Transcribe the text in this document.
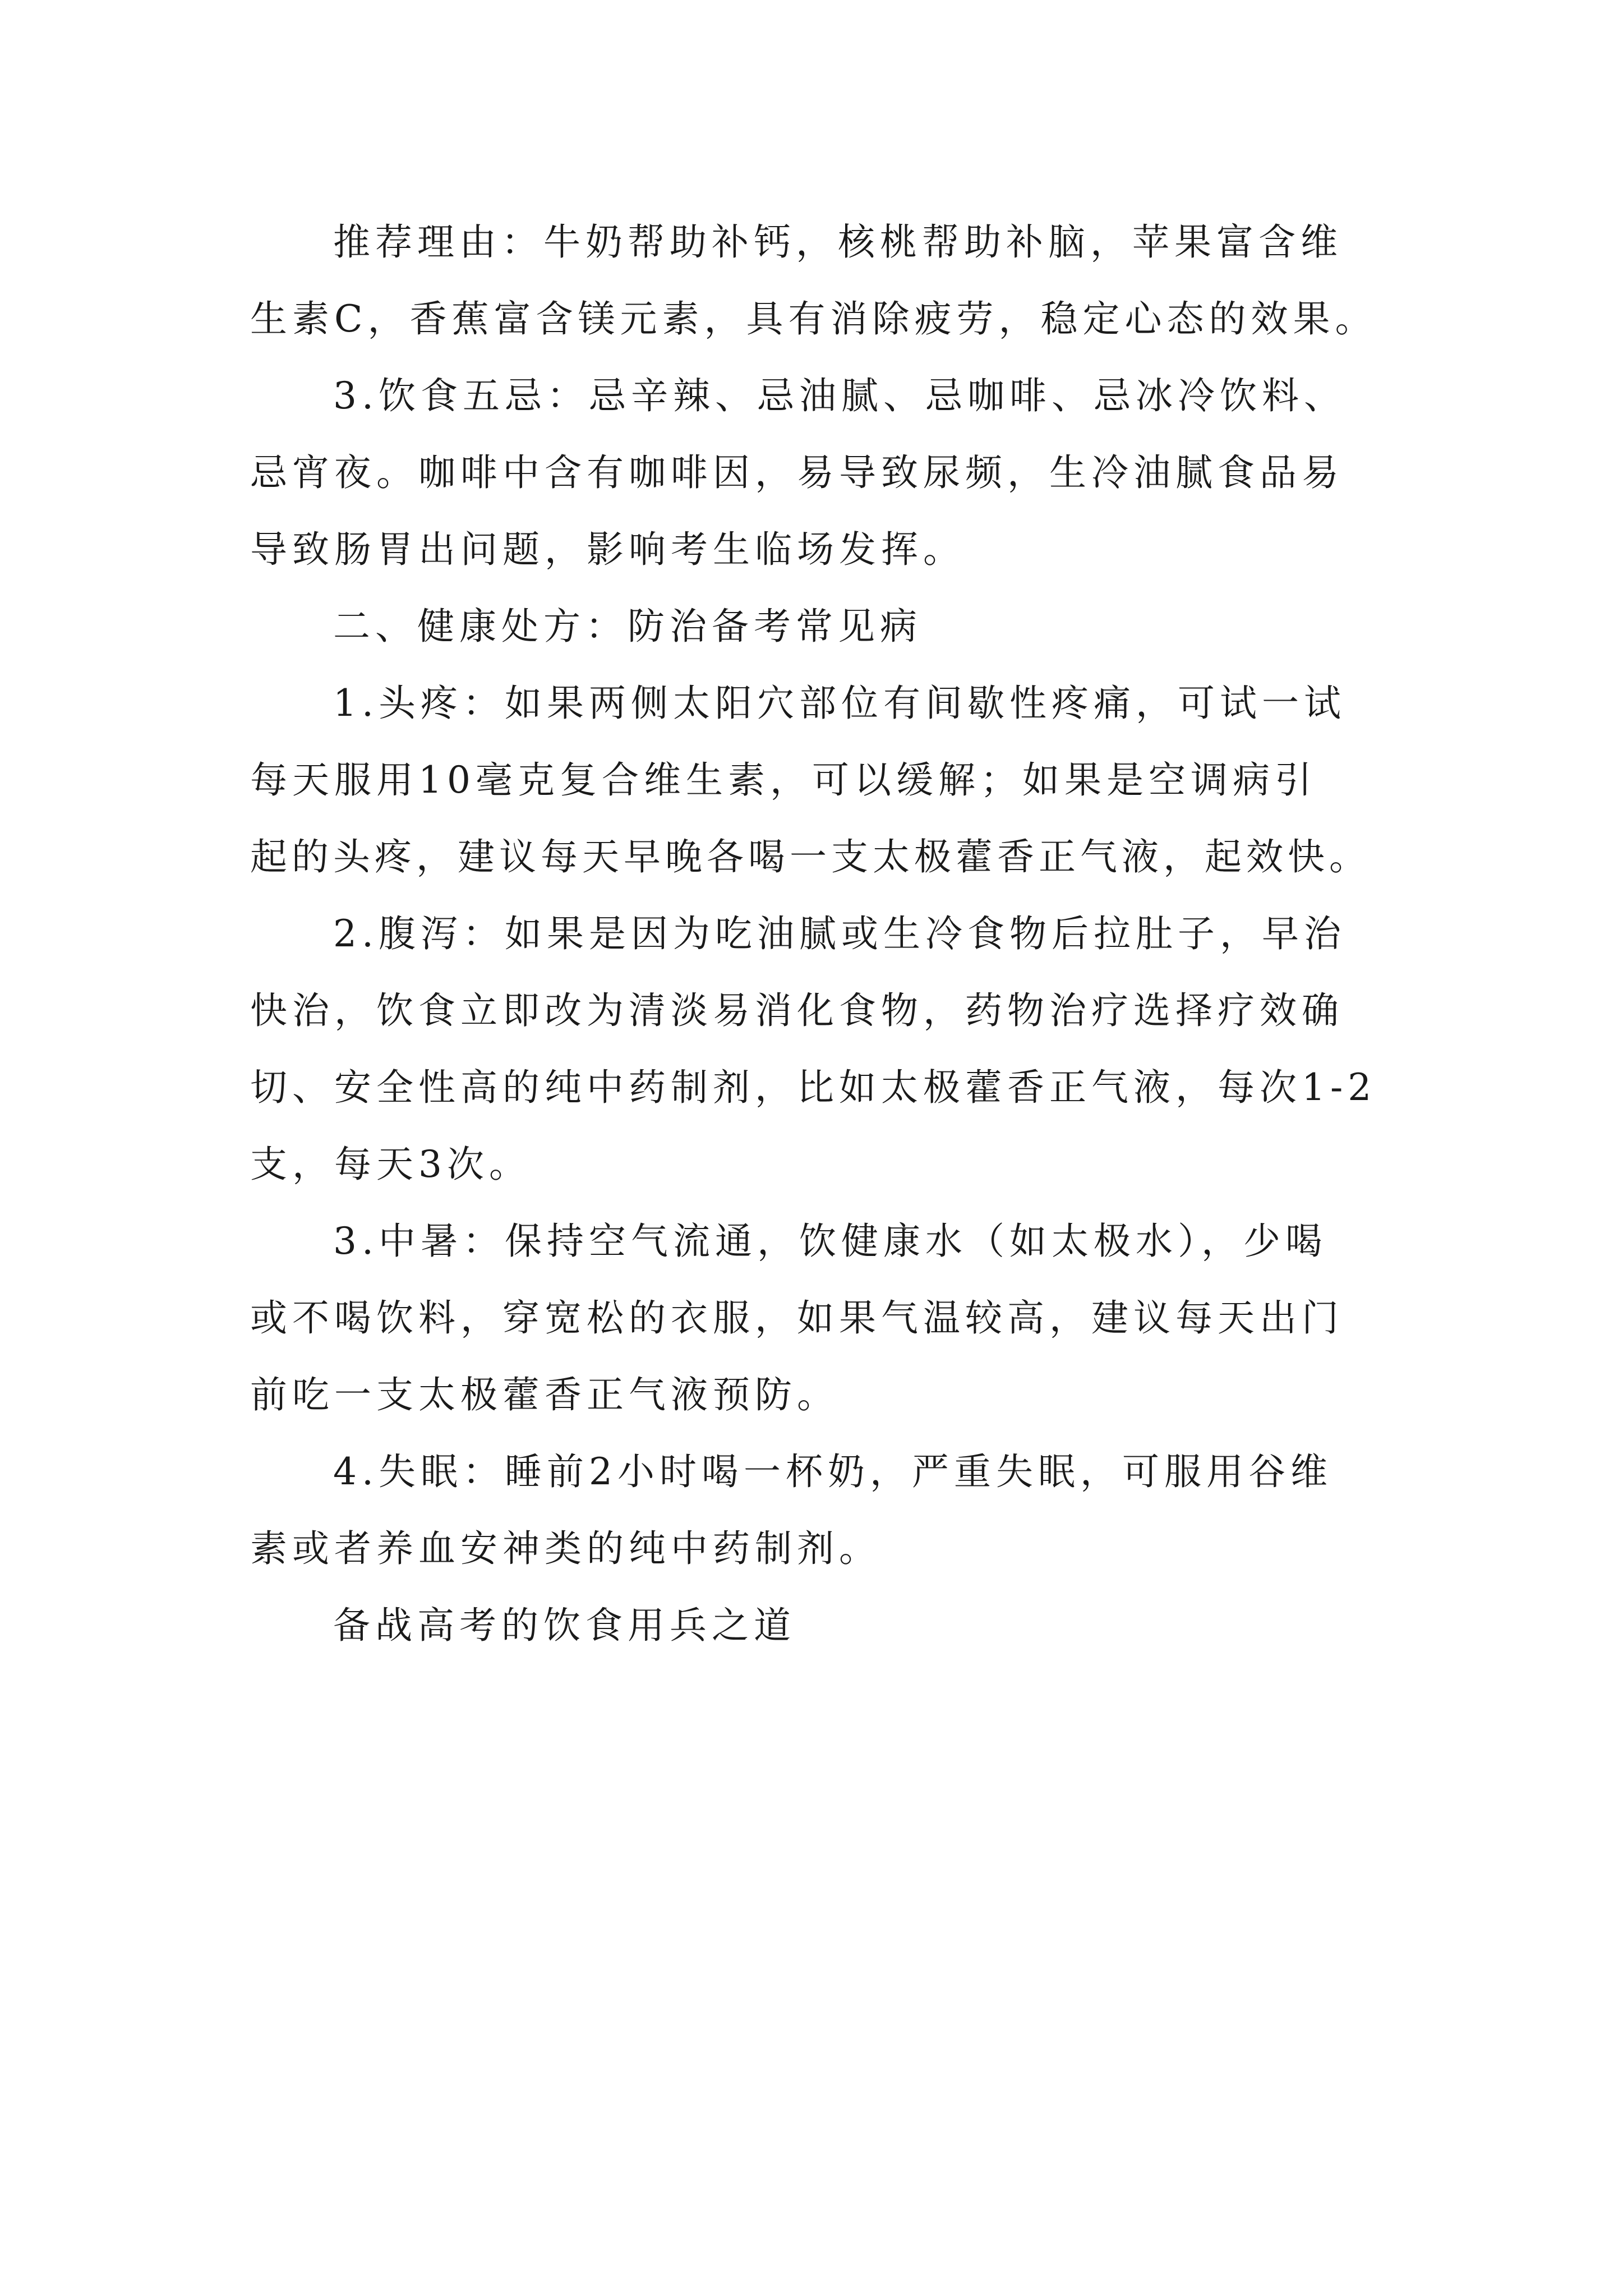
推荐理由：牛奶帮助补钙，核桃帮助补脑，苹果富含维
生素C，香蕉富含镁元素，具有消除疲劳，稳定心态的效果。
3.饮食五忌：忌辛辣、忌油腻、忌咖啡、忌冰冷饮料、
忌宵夜。咖啡中含有咖啡因，易导致尿频，生冷油腻食品易
导致肠胃出问题，影响考生临场发挥。
二、健康处方：防治备考常见病
1.头疼：如果两侧太阳穴部位有间歇性疼痛，可试一试
每天服用10毫克复合维生素，可以缓解；如果是空调病引
起的头疼，建议每天早晚各喝一支太极藿香正气液，起效快。
2.腹泻：如果是因为吃油腻或生冷食物后拉肚子，早治
快治，饮食立即改为清淡易消化食物，药物治疗选择疗效确
切、安全性高的纯中药制剂，比如太极藿香正气液，每次1-2
支，每天3次。
3.中暑：保持空气流通，饮健康水（如太极水），少喝
或不喝饮料，穿宽松的衣服，如果气温较高，建议每天出门
前吃一支太极藿香正气液预防。
4.失眠：睡前2小时喝一杯奶，严重失眠，可服用谷维
素或者养血安神类的纯中药制剂。
备战高考的饮食用兵之道
